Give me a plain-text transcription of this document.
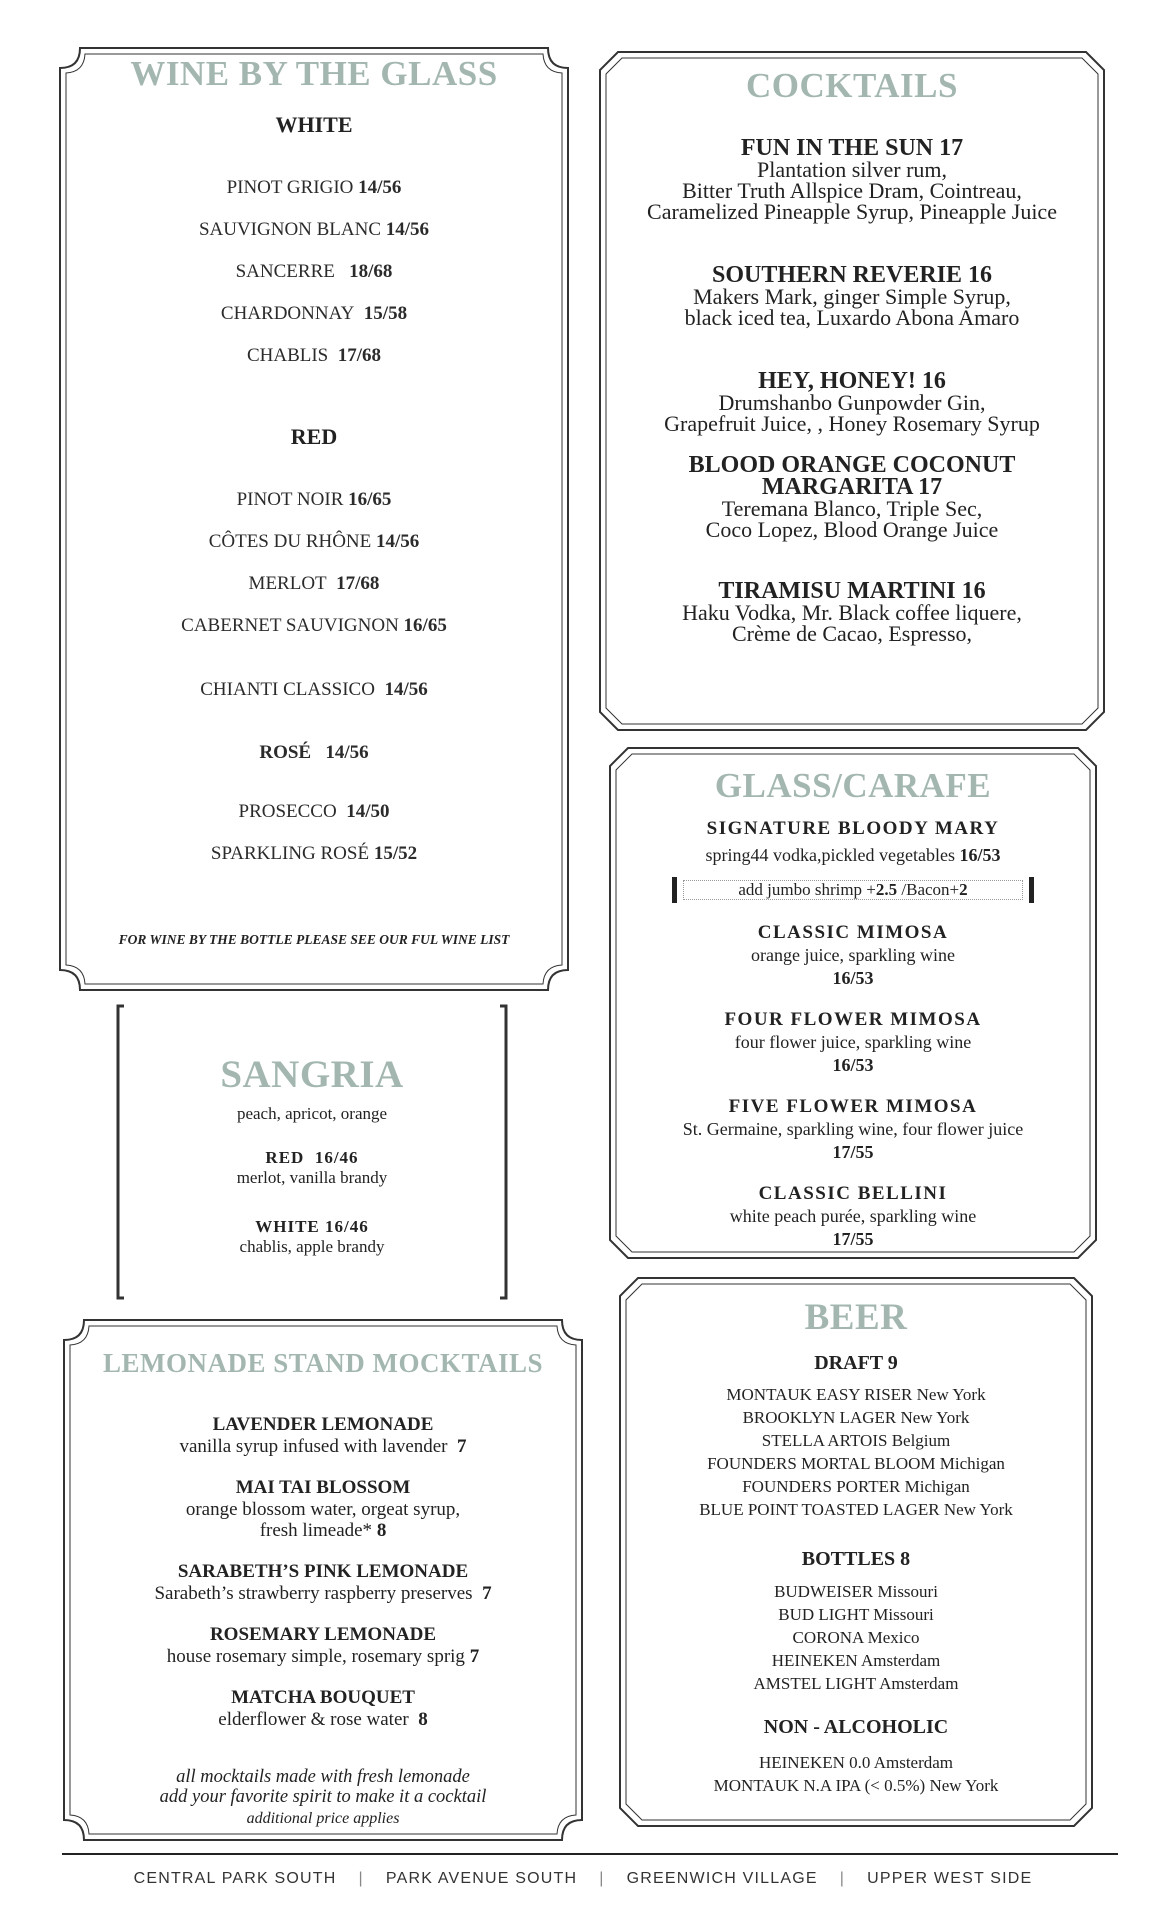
WINE BY THE GLASS
WHITE
PINOT GRIGIO 14/56
SAUVIGNON BLANC 14/56
SANCERRE 18/68
CHARDONNAY 15/58
CHABLIS 17/68
RED
PINOT NOIR 16/65
CÔTES DU RHÔNE 14/56
MERLOT 17/68
CABERNET SAUVIGNON 16/65
CHIANTI CLASSICO 14/56
ROSÉ 14/56
PROSECCO 14/50
SPARKLING ROSÉ 15/52
FOR WINE BY THE BOTTLE PLEASE SEE OUR FUL WINE LIST
COCKTAILS
FUN IN THE SUN 17
Plantation silver rum,
Bitter Truth Allspice Dram, Cointreau,
Caramelized Pineapple Syrup, Pineapple Juice
SOUTHERN REVERIE 16
Makers Mark, ginger Simple Syrup,
black iced tea, Luxardo Abona Amaro
HEY, HONEY! 16
Drumshanbo Gunpowder Gin,
Grapefruit Juice, , Honey Rosemary Syrup
BLOOD ORANGE COCONUT
MARGARITA 17
Teremana Blanco, Triple Sec,
Coco Lopez, Blood Orange Juice
TIRAMISU MARTINI 16
Haku Vodka, Mr. Black coffee liquere,
Crème de Cacao, Espresso,
GLASS/CARAFE
SIGNATURE BLOODY MARY
spring44 vodka,pickled vegetables 16/53
add jumbo shrimp +2.5 /Bacon+2
CLASSIC MIMOSA
orange juice, sparkling wine
16/53
FOUR FLOWER MIMOSA
four flower juice, sparkling wine
16/53
FIVE FLOWER MIMOSA
St. Germaine, sparkling wine, four flower juice
17/55
CLASSIC BELLINI
white peach purée, sparkling wine
17/55
SANGRIA
peach, apricot, orange
RED 16/46
merlot, vanilla brandy
WHITE 16/46
chablis, apple brandy
LEMONADE STAND MOCKTAILS
LAVENDER LEMONADE
vanilla syrup infused with lavender 7
MAI TAI BLOSSOM
orange blossom water, orgeat syrup,
fresh limeade* 8
SARABETH’S PINK LEMONADE
Sarabeth’s strawberry raspberry preserves 7
ROSEMARY LEMONADE
house rosemary simple, rosemary sprig 7
MATCHA BOUQUET
elderflower & rose water 8
all mocktails made with fresh lemonade
add your favorite spirit to make it a cocktail
additional price applies
BEER
DRAFT 9
MONTAUK EASY RISER New York
BROOKLYN LAGER New York
STELLA ARTOIS Belgium
FOUNDERS MORTAL BLOOM Michigan
FOUNDERS PORTER Michigan
BLUE POINT TOASTED LAGER New York
BOTTLES 8
BUDWEISER Missouri
BUD LIGHT Missouri
CORONA Mexico
HEINEKEN Amsterdam
AMSTEL LIGHT Amsterdam
NON - ALCOHOLIC
HEINEKEN 0.0 Amsterdam
MONTAUK N.A IPA (< 0.5%) New York
CENTRAL PARK SOUTH	|	PARK AVENUE SOUTH	|	GREENWICH VILLAGE	|	UPPER WEST SIDE
